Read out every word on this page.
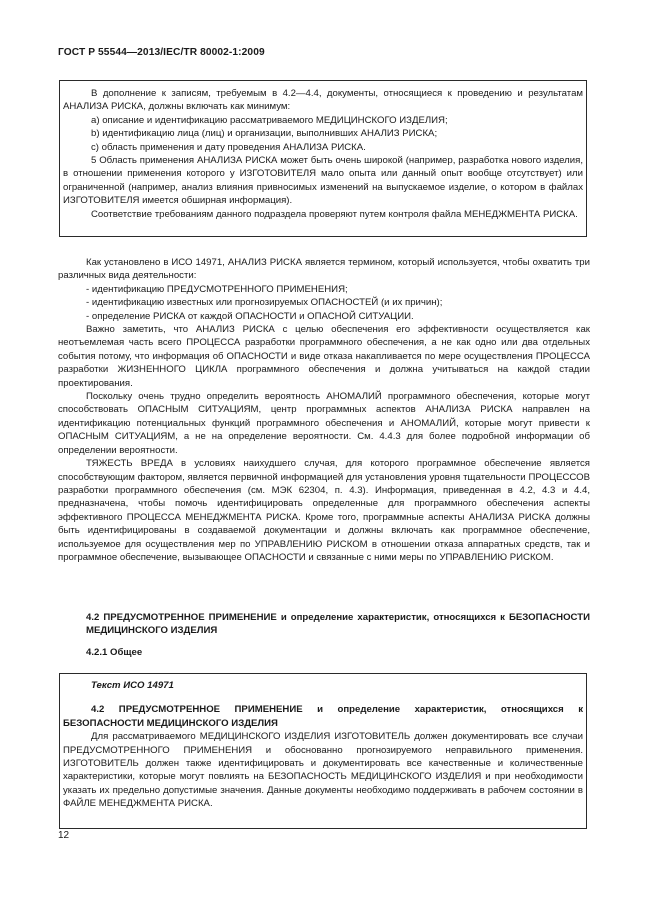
ГОСТ Р 55544—2013/IEC/TR 80002-1:2009

В дополнение к записям, требуемым в 4.2—4.4, документы, относящиеся к проведению и результатам АНАЛИЗА РИСКА, должны включать как минимум:

a) описание и идентификацию рассматриваемого МЕДИЦИНСКОГО ИЗДЕЛИЯ;

b) идентификацию лица (лиц) и организации, выполнивших АНАЛИЗ РИСКА;

c) область применения и дату проведения АНАЛИЗА РИСКА.

5 Область применения АНАЛИЗА РИСКА может быть очень широкой (например, разработка нового изделия, в отношении применения которого у ИЗГОТОВИТЕЛЯ мало опыта или данный опыт вообще отсутствует) или ограниченной (например, анализ влияния привносимых изменений на выпускаемое изделие, о котором в файлах ИЗГОТОВИТЕЛЯ имеется обширная информация).

Соответствие требованиям данного подраздела проверяют путем контроля файла МЕНЕДЖМЕНТА РИСКА.

Как установлено в ИСО 14971, АНАЛИЗ РИСКА является термином, который используется, чтобы охватить три различных вида деятельности:

- идентификацию ПРЕДУСМОТРЕННОГО ПРИМЕНЕНИЯ;

- идентификацию известных или прогнозируемых ОПАСНОСТЕЙ (и их причин);

- определение РИСКА от каждой ОПАСНОСТИ и ОПАСНОЙ СИТУАЦИИ.

Важно заметить, что АНАЛИЗ РИСКА с целью обеспечения его эффективности осуществляется как неотъемлемая часть всего ПРОЦЕССА разработки программного обеспечения, а не как одно или два отдельных события потому, что информация об ОПАСНОСТИ и виде отказа накапливается по мере осуществления ПРОЦЕССА разработки ЖИЗНЕННОГО ЦИКЛА программного обеспечения и должна учитываться на каждой стадии проектирования.

Поскольку очень трудно определить вероятность АНОМАЛИЙ программного обеспечения, которые могут способствовать ОПАСНЫМ СИТУАЦИЯМ, центр программных аспектов АНАЛИЗА РИСКА направлен на идентификацию потенциальных функций программного обеспечения и АНОМАЛИЙ, которые могут привести к ОПАСНЫМ СИТУАЦИЯМ, а не на определение вероятности. См. 4.4.3 для более подробной информации об определении вероятности.

ТЯЖЕСТЬ ВРЕДА в условиях наихудшего случая, для которого программное обеспечение является способствующим фактором, является первичной информацией для установления уровня тщательности ПРОЦЕССОВ разработки программного обеспечения (см. МЭК 62304, п. 4.3). Информация, приведенная в 4.2, 4.3 и 4.4, предназначена, чтобы помочь идентифицировать определенные для программного обеспечения аспекты эффективного ПРОЦЕССА МЕНЕДЖМЕНТА РИСКА. Кроме того, программные аспекты АНАЛИЗА РИСКА должны быть идентифицированы в создаваемой документации и должны включать как программное обеспечение, используемое для осуществления мер по УПРАВЛЕНИЮ РИСКОМ в отношении отказа аппаратных средств, так и программное обеспечение, вызывающее ОПАСНОСТИ и связанные с ними меры по УПРАВЛЕНИЮ РИСКОМ.

4.2 ПРЕДУСМОТРЕННОЕ ПРИМЕНЕНИЕ и определение характеристик, относящихся к БЕЗОПАСНОСТИ МЕДИЦИНСКОГО ИЗДЕЛИЯ

4.2.1 Общее

Текст ИСО 14971

4.2 ПРЕДУСМОТРЕННОЕ ПРИМЕНЕНИЕ и определение характеристик, относящихся к БЕЗОПАСНОСТИ МЕДИЦИНСКОГО ИЗДЕЛИЯ

Для рассматриваемого МЕДИЦИНСКОГО ИЗДЕЛИЯ ИЗГОТОВИТЕЛЬ должен документировать все случаи ПРЕДУСМОТРЕННОГО ПРИМЕНЕНИЯ и обоснованно прогнозируемого неправильного применения. ИЗГОТОВИТЕЛЬ должен также идентифицировать и документировать все качественные и количественные характеристики, которые могут повлиять на БЕЗОПАСНОСТЬ МЕДИЦИНСКОГО ИЗДЕЛИЯ и при необходимости указать их предельно допустимые значения. Данные документы необходимо поддерживать в рабочем состоянии в ФАЙЛЕ МЕНЕДЖМЕНТА РИСКА.

12
